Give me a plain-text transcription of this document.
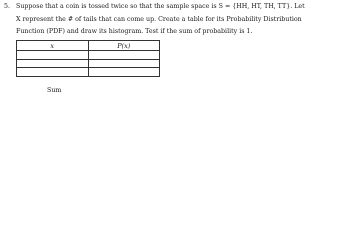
5. Suppose that a coin is tossed twice so that the sample space is S = {HH, HT, TH, TT}. Let
X represent the # of tails that can come up. Create a table for its Probability Distribution
Function (PDF) and draw its histogram. Test if the sum of probability is 1.
x	P(x)

Sum
